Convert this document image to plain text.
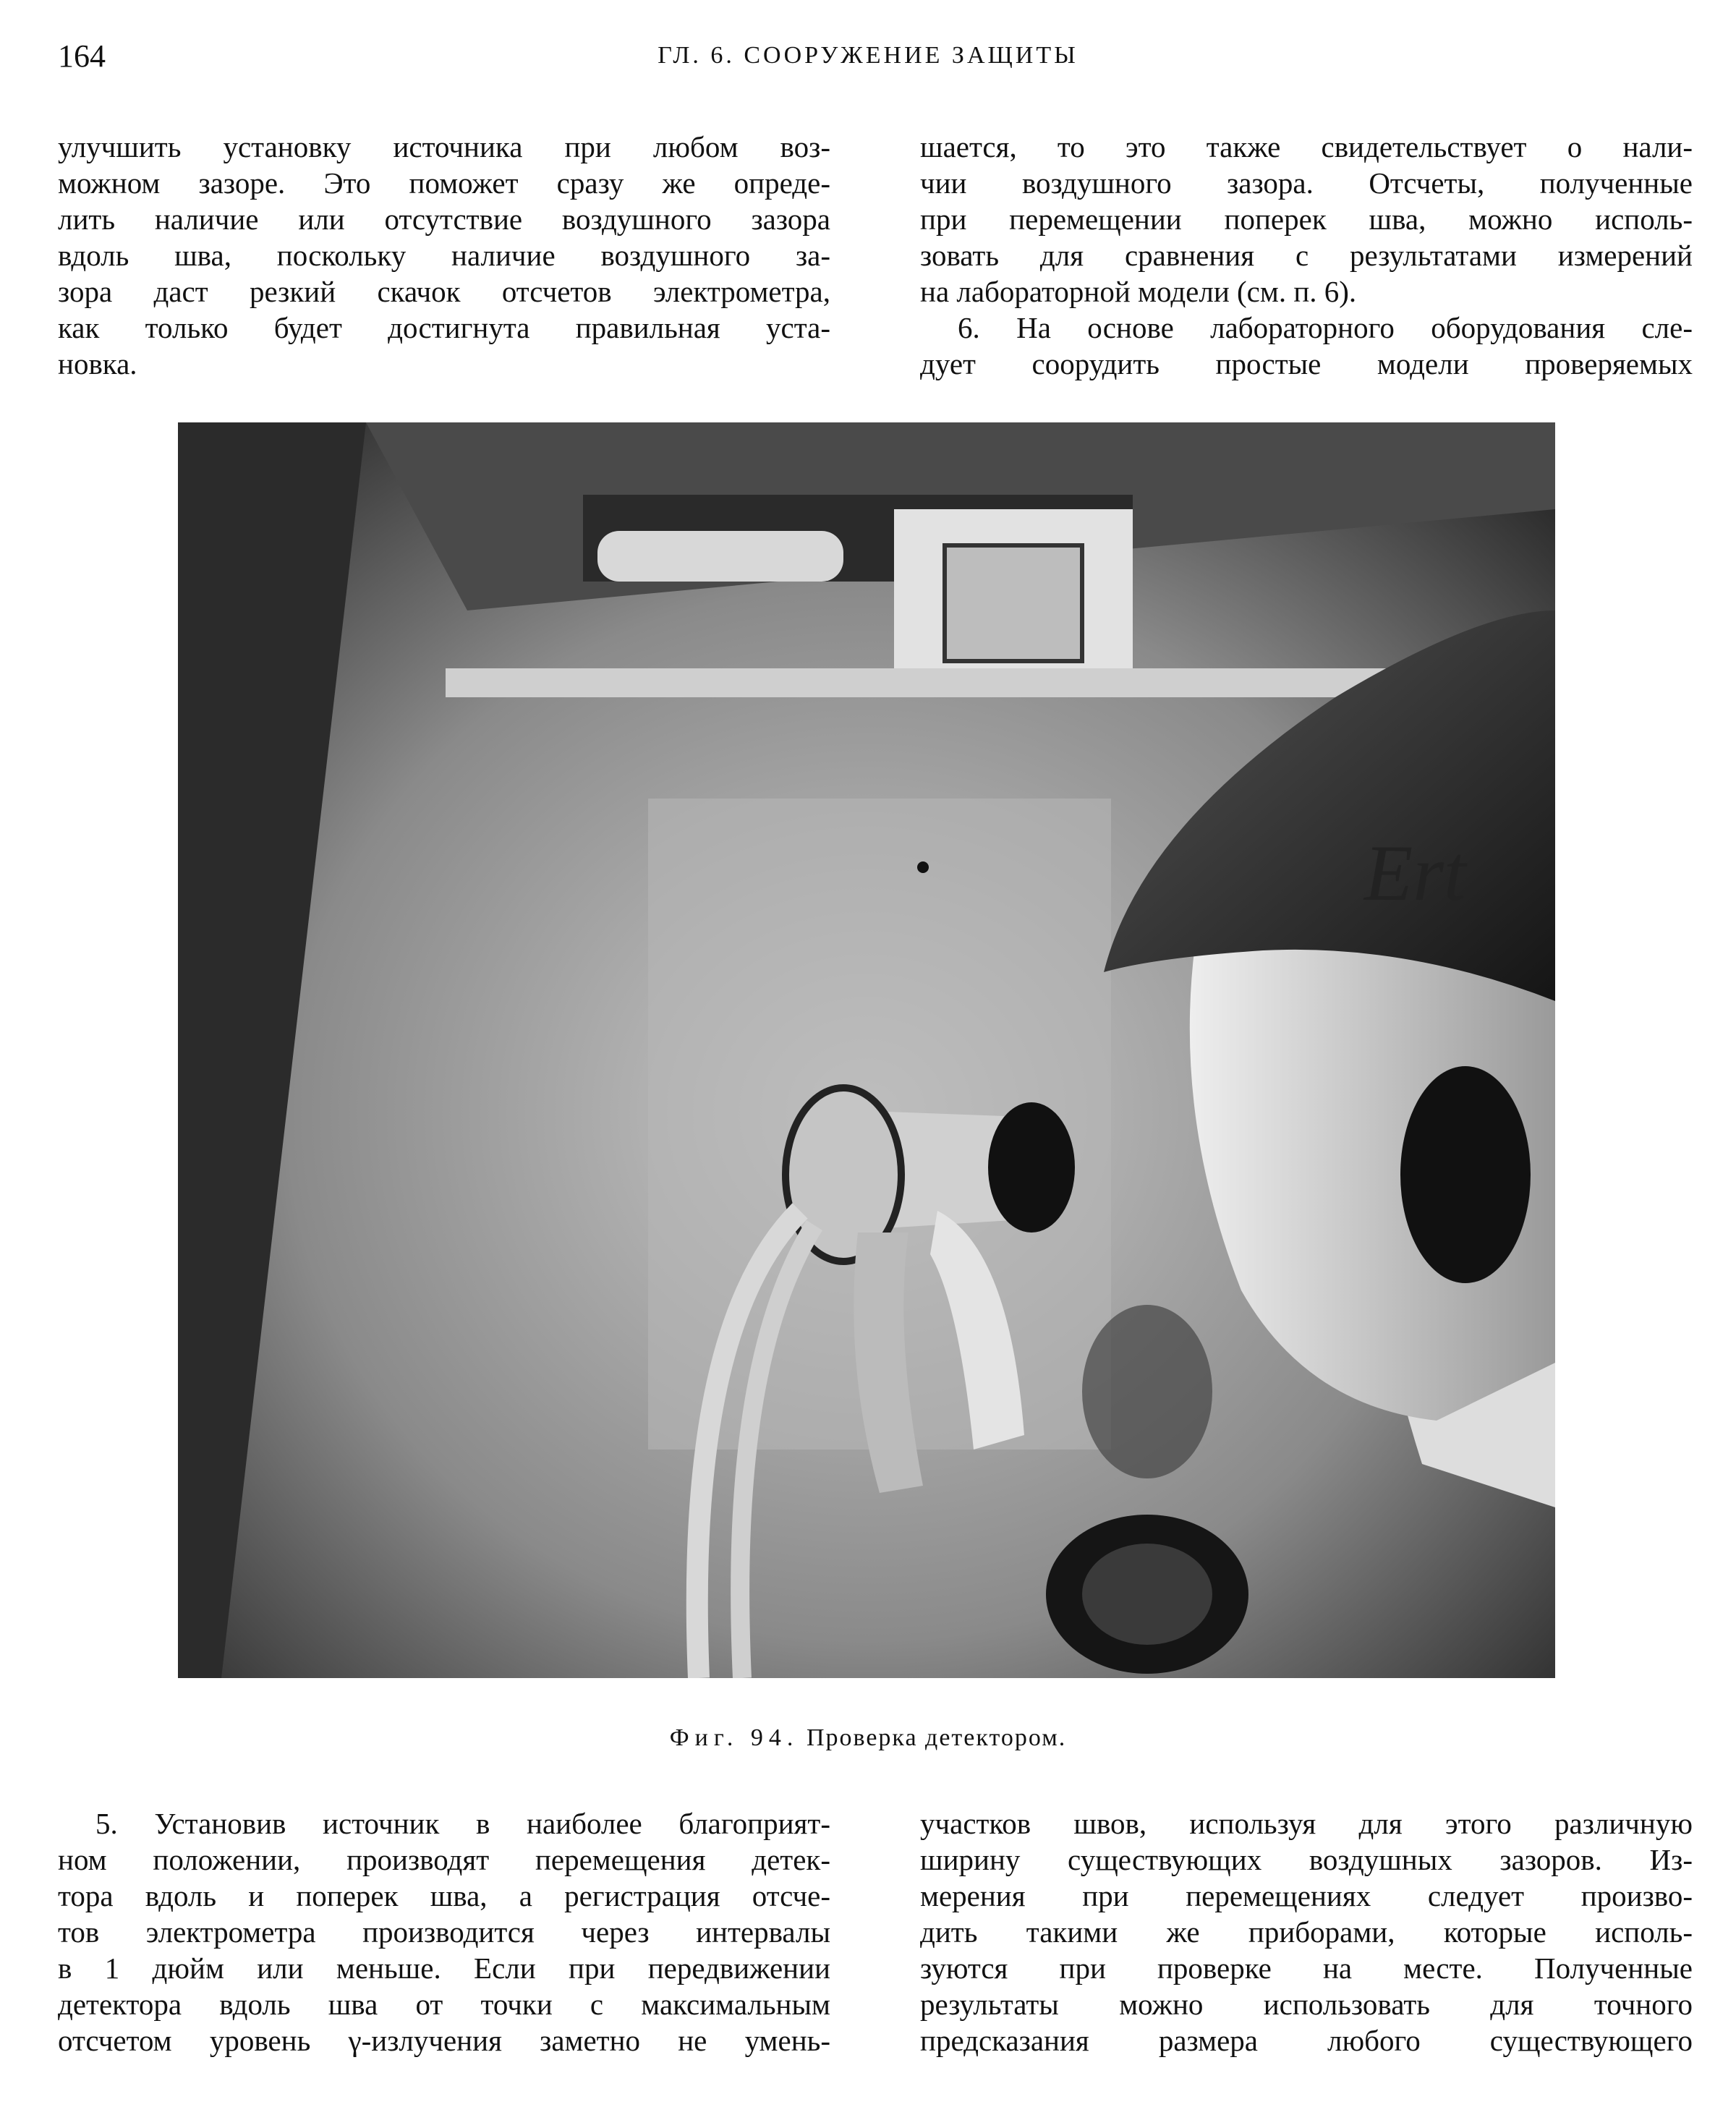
164	ГЛ. 6. СООРУЖЕНИЕ ЗАЩИТЫ
улучшить установку источника при любом воз-
можном зазоре. Это поможет сразу же опреде-
лить наличие или отсутствие воздушного зазора
вдоль шва, поскольку наличие воздушного за-
зора даст резкий скачок отсчетов электрометра,
как только будет достигнута правильная уста-
новка.
шается, то это также свидетельствует о нали-
чии воздушного зазора. Отсчеты, полученные
при перемещении поперек шва, можно исполь-
зовать для сравнения с результатами измерений
на лабораторной модели (см. п. 6).
6. На основе лабораторного оборудования сле-
дует соорудить простые модели проверяемых
Ert
Фиг. 94. Проверка детектором.
5. Установив источник в наиболее благоприят-
ном положении, производят перемещения детек-
тора вдоль и поперек шва, а регистрация отсче-
тов электрометра производится через интервалы
в 1 дюйм или меньше. Если при передвижении
детектора вдоль шва от точки с максимальным
отсчетом уровень γ-излучения заметно не умень-
участков швов, используя для этого различную
ширину существующих воздушных зазоров. Из-
мерения при перемещениях следует произво-
дить такими же приборами, которые исполь-
зуются при проверке на месте. Полученные
результаты можно использовать для точного
предсказания размера любого существующего
